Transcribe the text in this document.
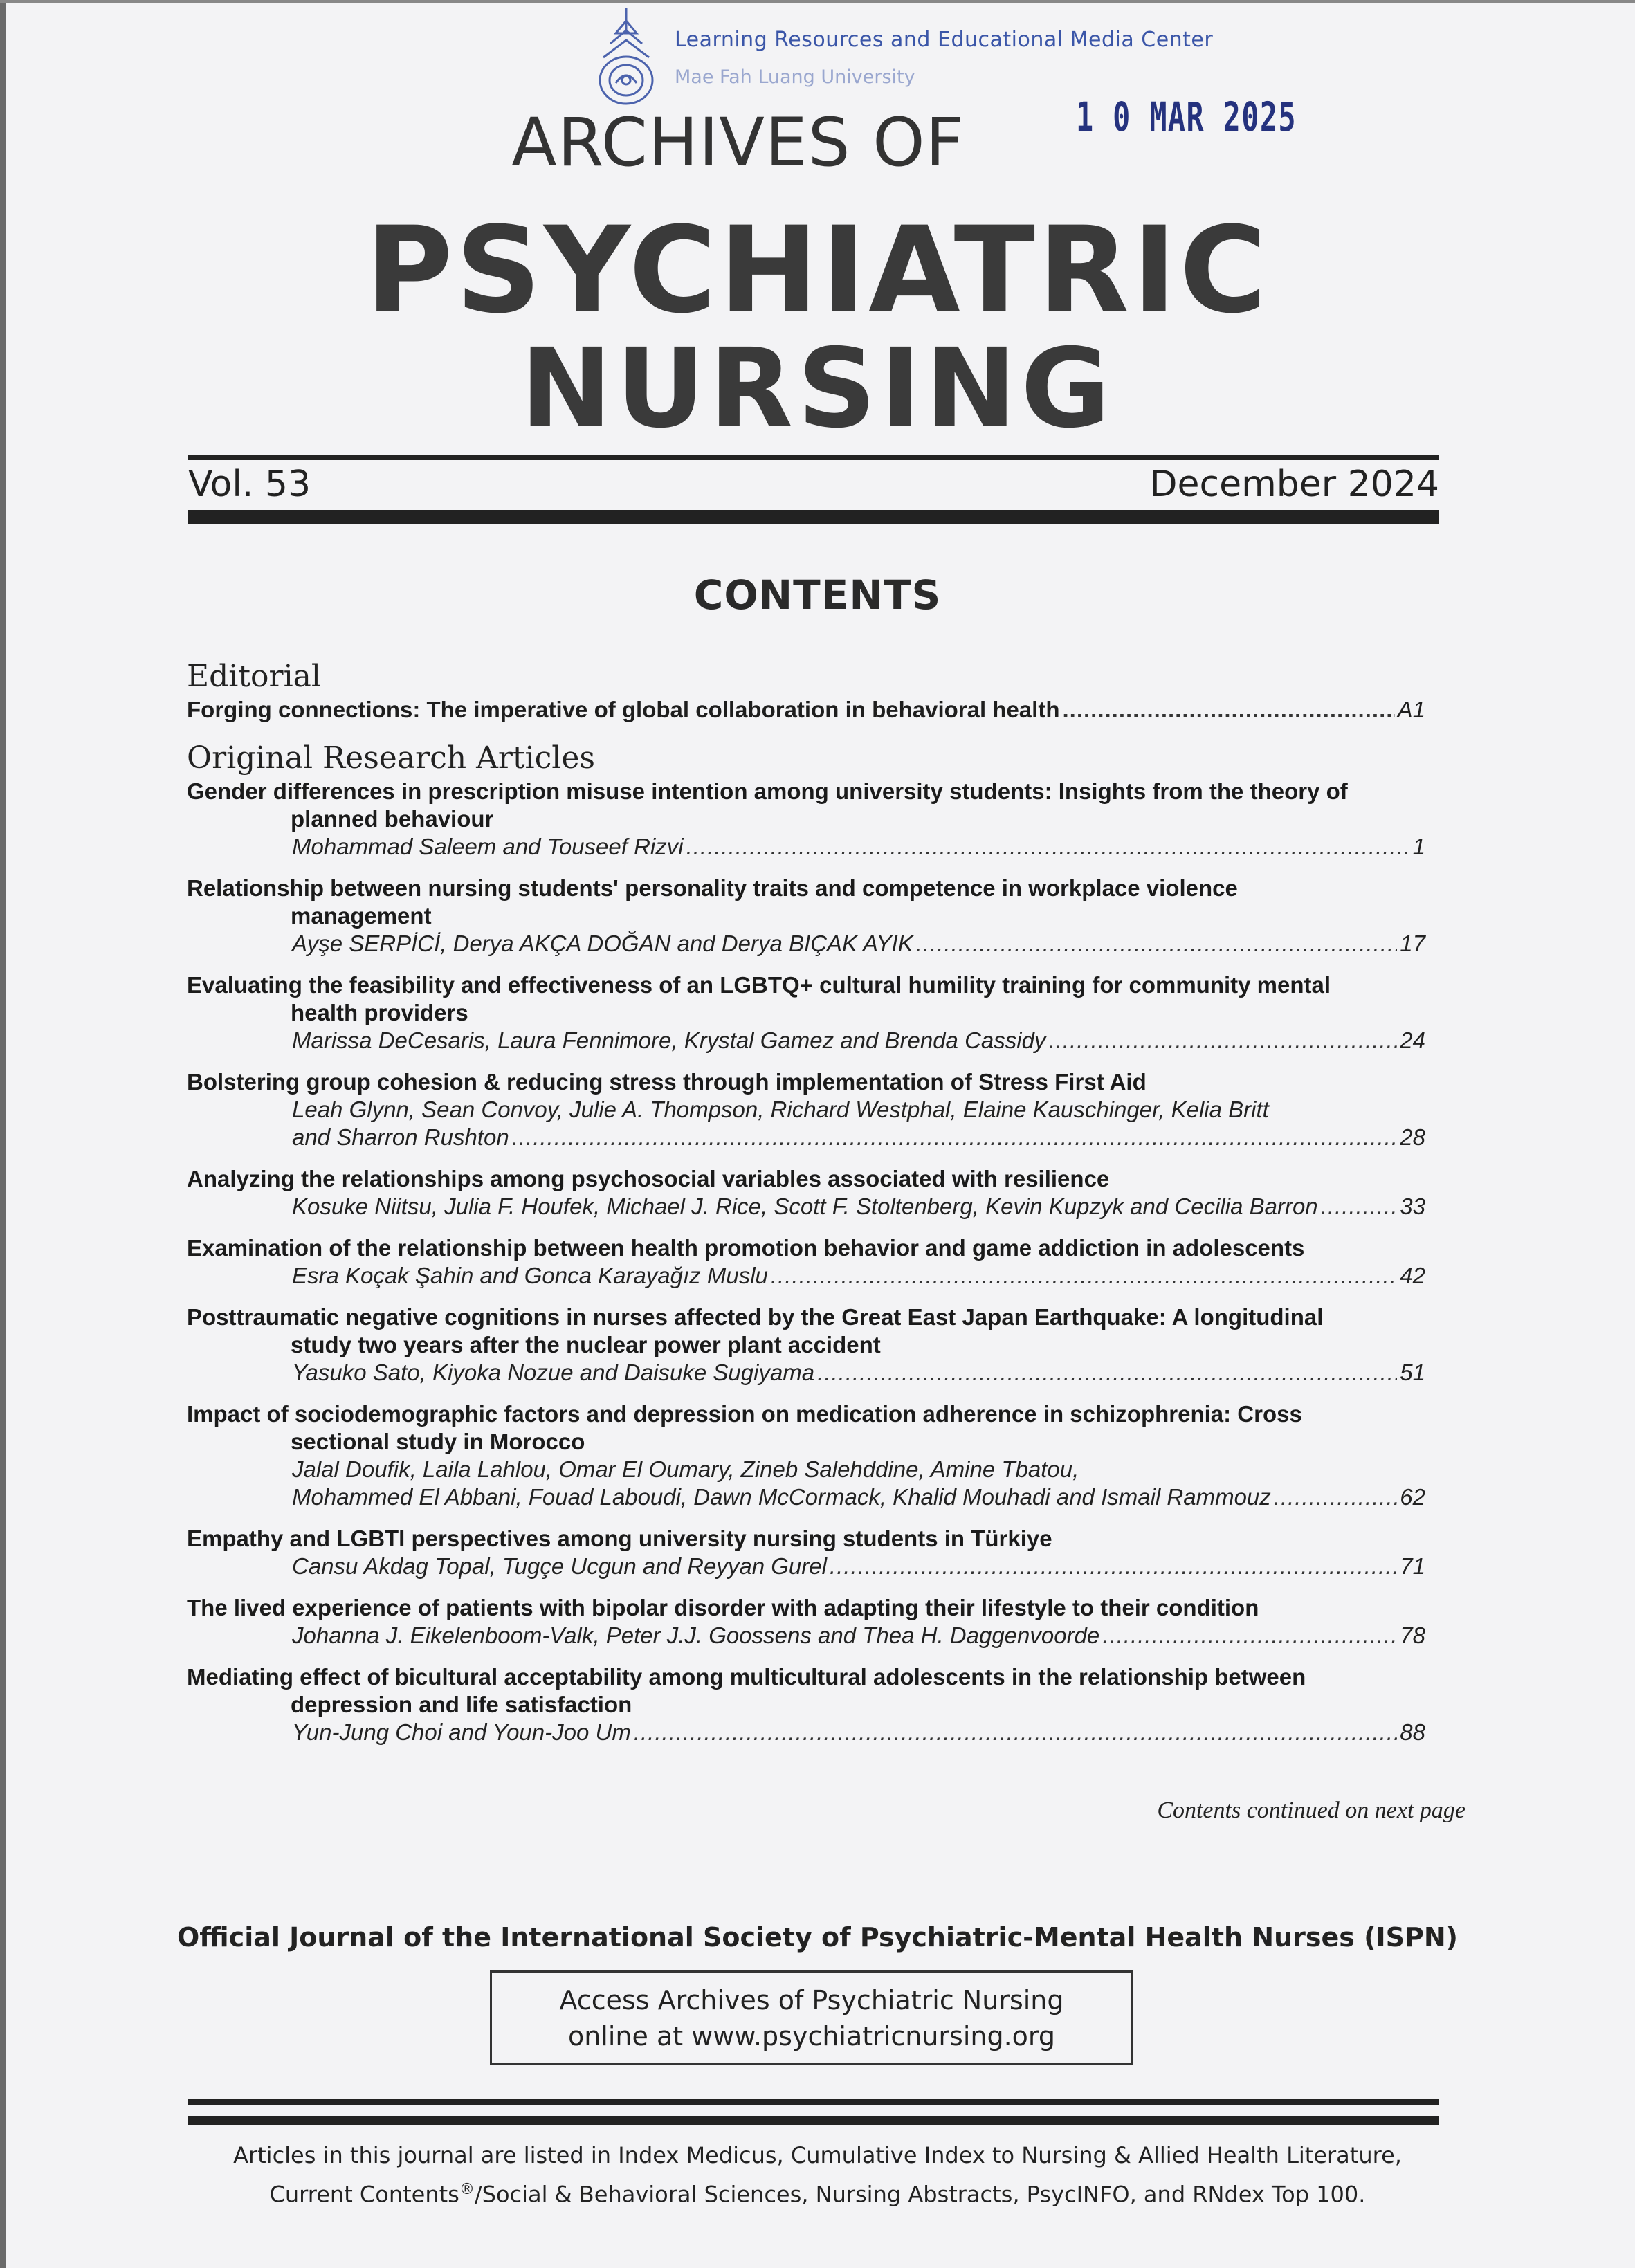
Learning Resources and Educational Media Center
Mae Fah Luang University
1 0 MAR 2025
ARCHIVES OF
PSYCHIATRIC
NURSING
Vol. 53	December 2024
CONTENTS
Editorial
Forging connections: The imperative of global collaboration in behavioral health .....	A1
Original Research Articles
Gender differences in prescription misuse intention among university students: Insights from the theory of
planned behaviour
Mohammad Saleem and Touseef Rizvi .....	1
Relationship between nursing students' personality traits and competence in workplace violence
management
Ayşe SERPİCİ, Derya AKÇA DOĞAN and Derya BIÇAK AYIK .....	17
Evaluating the feasibility and effectiveness of an LGBTQ+ cultural humility training for community mental
health providers
Marissa DeCesaris, Laura Fennimore, Krystal Gamez and Brenda Cassidy .....	24
Bolstering group cohesion & reducing stress through implementation of Stress First Aid
Leah Glynn, Sean Convoy, Julie A. Thompson, Richard Westphal, Elaine Kauschinger, Kelia Britt
and Sharron Rushton .....	28
Analyzing the relationships among psychosocial variables associated with resilience
Kosuke Niitsu, Julia F. Houfek, Michael J. Rice, Scott F. Stoltenberg, Kevin Kupzyk and Cecilia Barron .....	33
Examination of the relationship between health promotion behavior and game addiction in adolescents
Esra Koçak Şahin and Gonca Karayağız Muslu .....	42
Posttraumatic negative cognitions in nurses affected by the Great East Japan Earthquake: A longitudinal
study two years after the nuclear power plant accident
Yasuko Sato, Kiyoka Nozue and Daisuke Sugiyama .....	51
Impact of sociodemographic factors and depression on medication adherence in schizophrenia: Cross
sectional study in Morocco
Jalal Doufik, Laila Lahlou, Omar El Oumary, Zineb Salehddine, Amine Tbatou,
Mohammed El Abbani, Fouad Laboudi, Dawn McCormack, Khalid Mouhadi and Ismail Rammouz .....	62
Empathy and LGBTI perspectives among university nursing students in Türkiye
Cansu Akdag Topal, Tugçe Ucgun and Reyyan Gurel .....	71
The lived experience of patients with bipolar disorder with adapting their lifestyle to their condition
Johanna J. Eikelenboom-Valk, Peter J.J. Goossens and Thea H. Daggenvoorde .....	78
Mediating effect of bicultural acceptability among multicultural adolescents in the relationship between
depression and life satisfaction
Yun-Jung Choi and Youn-Joo Um .....	88
Contents continued on next page
Official Journal of the International Society of Psychiatric-Mental Health Nurses (ISPN)
Access Archives of Psychiatric Nursing
online at www.psychiatricnursing.org
Articles in this journal are listed in Index Medicus, Cumulative Index to Nursing & Allied Health Literature,
Current Contents®/Social & Behavioral Sciences, Nursing Abstracts, PsycINFO, and RNdex Top 100.
